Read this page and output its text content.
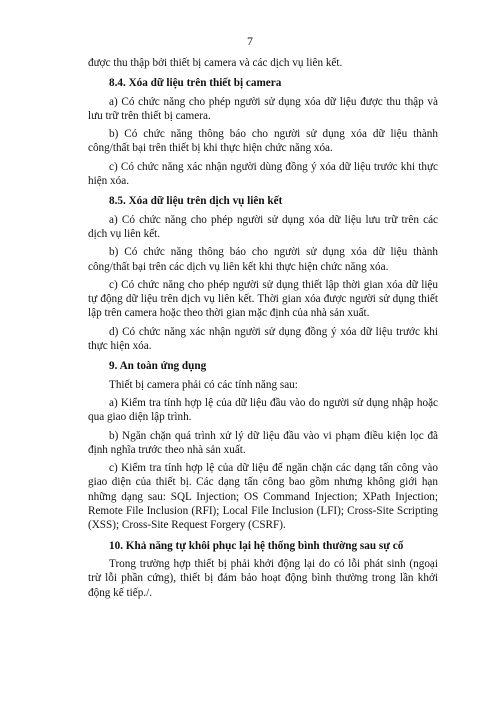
7

được thu thập bởi thiết bị camera và các dịch vụ liên kết.

8.4. Xóa dữ liệu trên thiết bị camera

a) Có chức năng cho phép người sử dụng xóa dữ liệu được thu thập và lưu trữ trên thiết bị camera.

b) Có chức năng thông báo cho người sử dụng xóa dữ liệu thành công/thất bại trên thiết bị khi thực hiện chức năng xóa.

c) Có chức năng xác nhận người dùng đồng ý xóa dữ liệu trước khi thực hiện xóa.

8.5. Xóa dữ liệu trên dịch vụ liên kết

a) Có chức năng cho phép người sử dụng xóa dữ liệu lưu trữ trên các dịch vụ liên kết.

b) Có chức năng thông báo cho người sử dụng xóa dữ liệu thành công/thất bại trên các dịch vụ liên kết khi thực hiện chức năng xóa.

c) Có chức năng cho phép người sử dụng thiết lập thời gian xóa dữ liệu tự động dữ liệu trên dịch vụ liên kết. Thời gian xóa được người sử dụng thiết lập trên camera hoặc theo thời gian mặc định của nhà sản xuất.

d) Có chức năng xác nhận người sử dụng đồng ý xóa dữ liệu trước khi thực hiện xóa.

9. An toàn ứng dụng

Thiết bị camera phải có các tính năng sau:

a) Kiểm tra tính hợp lệ của dữ liệu đầu vào do người sử dụng nhập hoặc qua giao diện lập trình.

b) Ngăn chặn quá trình xử lý dữ liệu đầu vào vi phạm điều kiện lọc đã định nghĩa trước theo nhà sản xuất.

c) Kiểm tra tính hợp lệ của dữ liệu để ngăn chặn các dạng tấn công vào giao diện của thiết bị. Các dạng tấn công bao gồm nhưng không giới hạn những dạng sau: SQL Injection; OS Command Injection; XPath Injection; Remote File Inclusion (RFI); Local File Inclusion (LFI); Cross-Site Scripting (XSS); Cross-Site Request Forgery (CSRF).

10. Khả năng tự khôi phục lại hệ thống bình thường sau sự cố

Trong trường hợp thiết bị phải khởi động lại do có lỗi phát sinh (ngoại trừ lỗi phần cứng), thiết bị đảm bảo hoạt động bình thường trong lần khởi động kế tiếp./.
